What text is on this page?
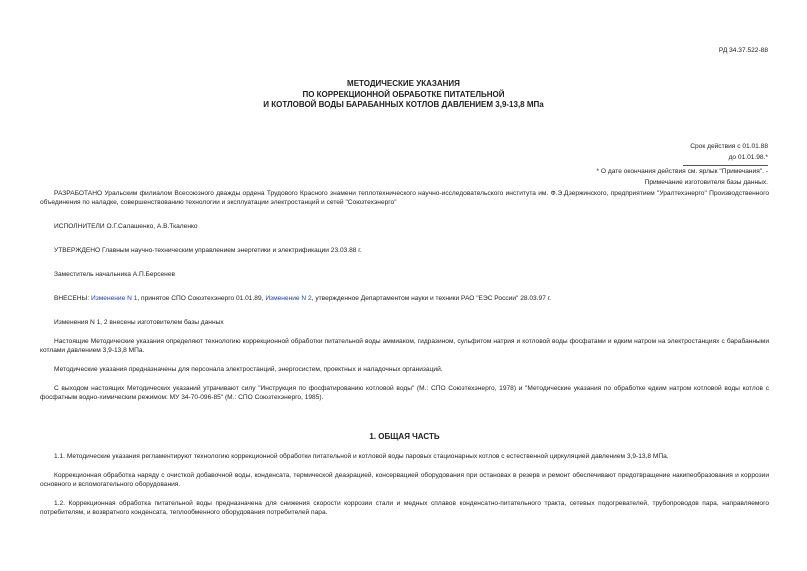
РД 34.37.522-88
МЕТОДИЧЕСКИЕ УКАЗАНИЯ
ПО КОРРЕКЦИОННОЙ ОБРАБОТКЕ ПИТАТЕЛЬНОЙ
И КОТЛОВОЙ ВОДЫ БАРАБАННЫХ КОТЛОВ ДАВЛЕНИЕМ 3,9-13,8 МПа
Срок действия с 01.01.88
до 01.01.98.*
* О дате окончания действия см. ярлык "Примечания". -
Примечание изготовителя базы данных.

РАЗРАБОТАНО Уральским филиалом Всесоюзного дважды ордена Трудового Красного знамени теплотехнического научно-исследовательского института им. Ф.Э.Дзержинского, предприятием "Уралтехэнерго" Производственного объединения по наладке, совершенствованию технологии и эксплуатации электростанций и сетей "Союзтехэнерго"

ИСПОЛНИТЕЛИ О.Г.Салашенко, А.В.Ткаленко

УТВЕРЖДЕНО Главным научно-техническим управлением энергетики и электрификации 23.03.88 г.

Заместитель начальника А.П.Берсенев

ВНЕСЕНЫ: Изменение N 1, принятое СПО Союзтехэнерго 01.01.89, Изменение N 2, утвержденное Департаментом науки и техники РАО "ЕЭС России" 28.03.97 г.

Изменения N 1, 2 внесены изготовителем базы данных

Настоящие Методические указания определяют технологию коррекционной обработки питательной воды аммиаком, гидразином, сульфитом натрия и котловой воды фосфатами и едким натром на электростанциях с барабанными котлами давлением 3,9-13,8 МПа.

Методические указания предназначены для персонала электростанций, энергосистем, проектных и наладочных организаций.

С выходом настоящих Методических указаний утрачивают силу "Инструкция по фосфатированию котловой воды" (М.: СПО Союзтехэнерго, 1978) и "Методические указания по обработке едким натром котловой воды котлов с фосфатным водно-химическим режимом: МУ 34-70-096-85" (М.: СПО Союзтехэнерго, 1985).

1. ОБЩАЯ ЧАСТЬ

1.1. Методические указания регламентируют технологию коррекционной обработки питательной и котловой воды паровых стационарных котлов с естественной циркуляцией давлением 3,9-13,8 МПа.

Коррекционная обработка наряду с очисткой добавочной воды, конденсата, термической деаэрацией, консервацией оборудования при остановах в резерв и ремонт обеспечивают предотвращение накипеобразования и коррозии основного и вспомогательного оборудования.

1.2. Коррекционная обработка питательной воды предназначена для снижения скорости коррозии стали и медных сплавов конденсатно-питательного тракта, сетевых подогревателей, трубопроводов пара, направляемого потребителям, и возвратного конденсата, теплообменного оборудования потребителей пара.
